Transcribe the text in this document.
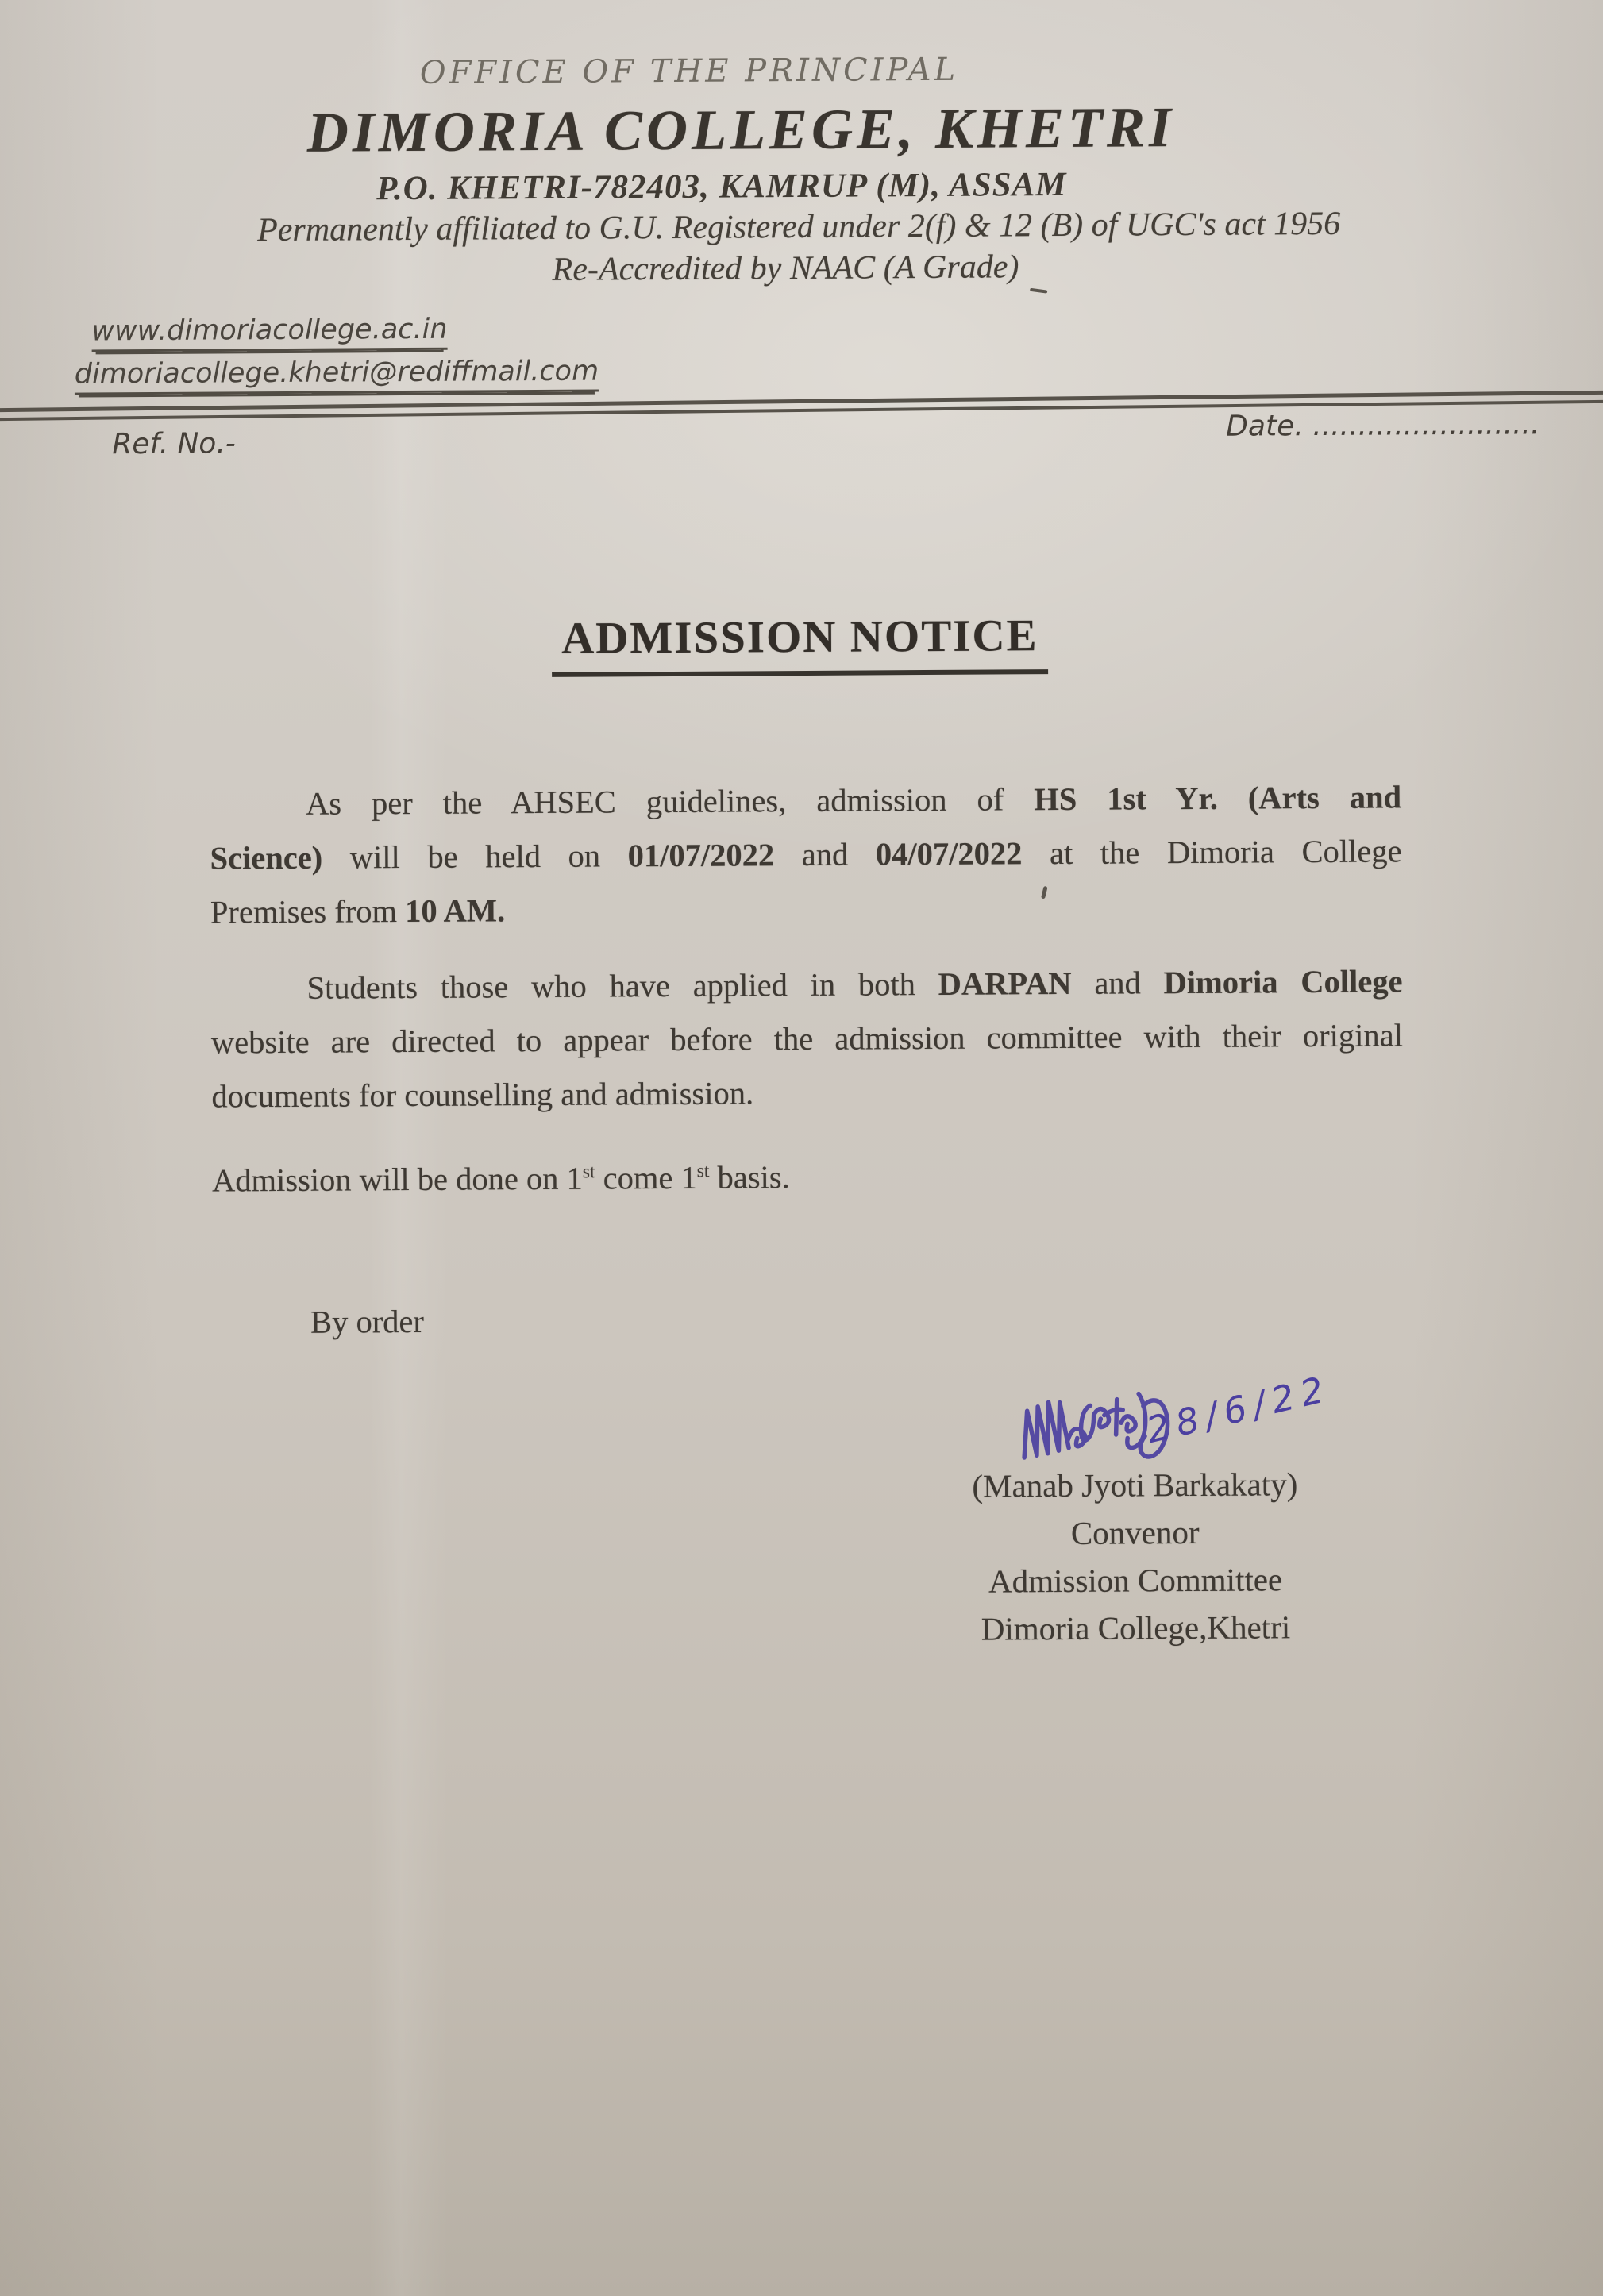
OFFICE OF THE PRINCIPAL
DIMORIA COLLEGE, KHETRI
P.O. KHETRI-782403, KAMRUP (M), ASSAM
Permanently affiliated to G.U. Registered under 2(f) & 12 (B) of UGC's act 1956
Re-Accredited by NAAC (A Grade)
www.dimoriacollege.ac.in
dimoriacollege.khetri@rediffmail.com
Ref. No.-
Date. .........................
ADMISSION NOTICE
As per the AHSEC guidelines, admission of HS 1st Yr. (Arts and
Science) will be held on 01/07/2022 and 04/07/2022 at the Dimoria College
Premises from 10 AM.
Students those who have applied in both DARPAN and Dimoria College
website are directed to appear before the admission committee with their original
documents for counselling and admission.
Admission will be done on 1st come 1st basis.
By order
28/6/22
(Manab Jyoti Barkakaty)
Convenor
Admission Committee
Dimoria College,Khetri
